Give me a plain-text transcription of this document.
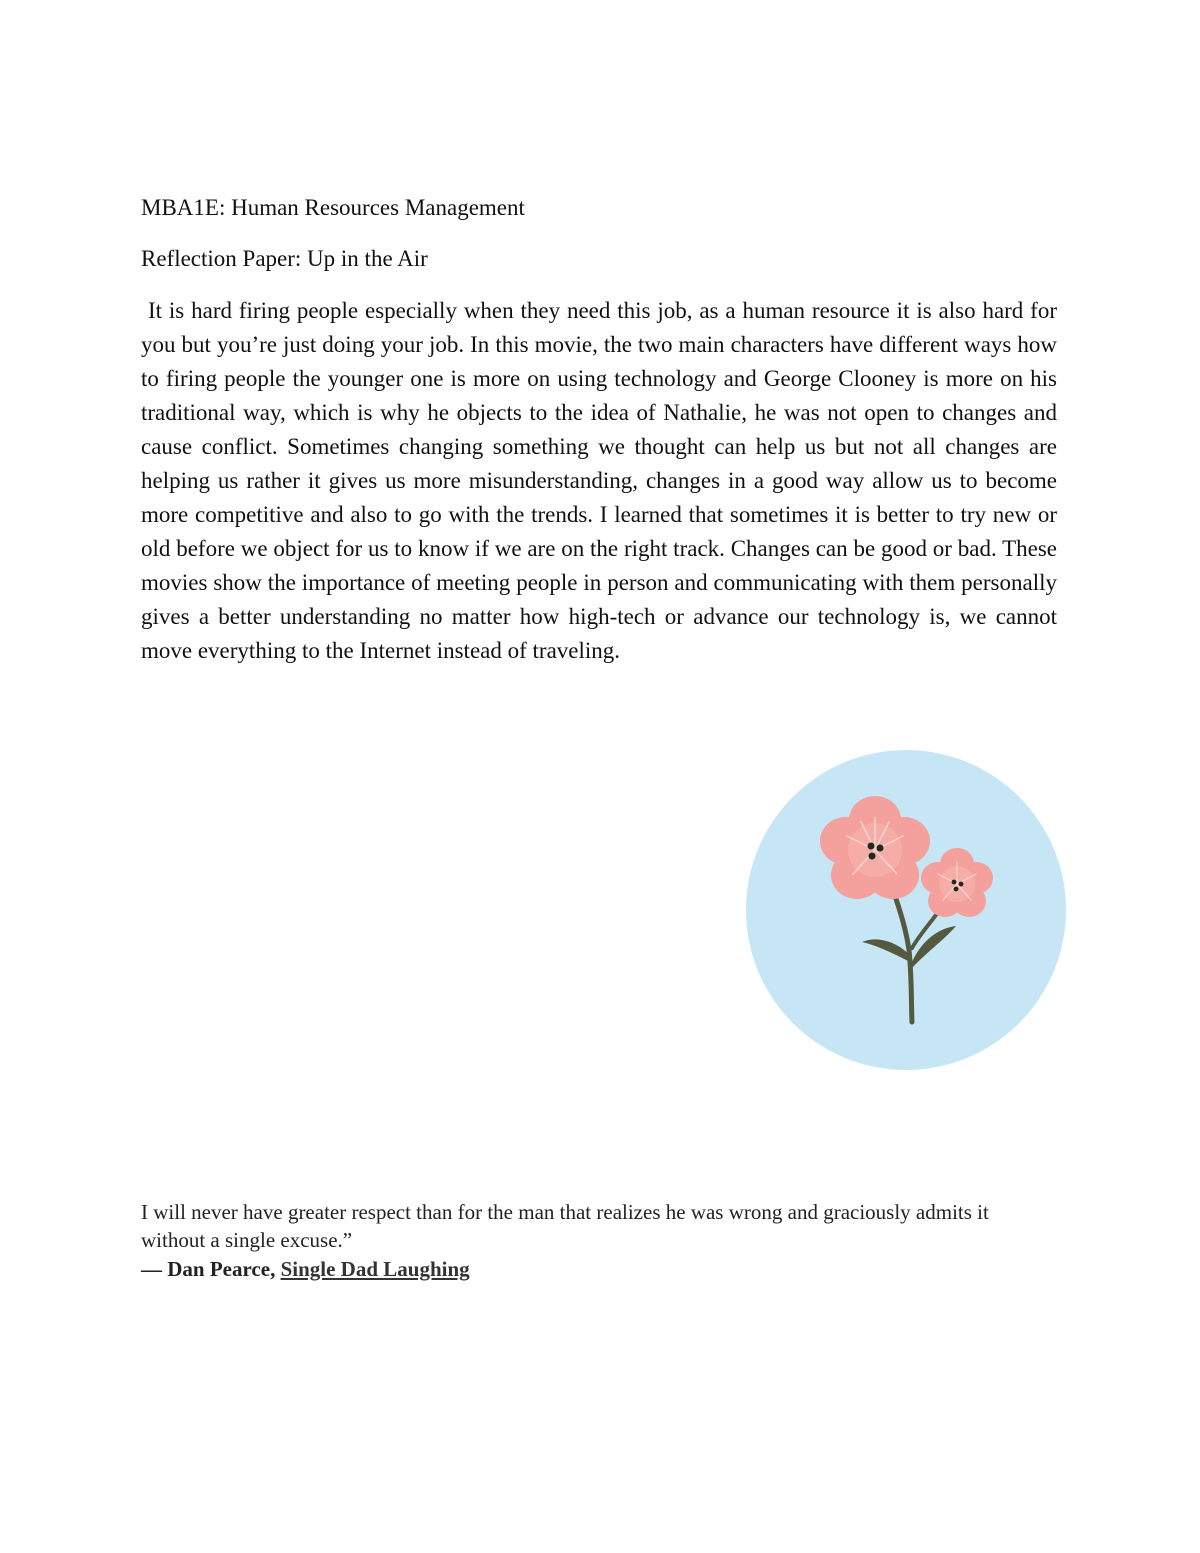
MBA1E: Human Resources Management

Reflection Paper: Up in the Air

It is hard firing people especially when they need this job, as a human resource it is also hard for you but you’re just doing your job. In this movie, the two main characters have different ways how to firing people the younger one is more on using technology and George Clooney is more on his traditional way, which is why he objects to the idea of Nathalie, he was not open to changes and cause conflict. Sometimes changing something we thought can help us but not all changes are helping us rather it gives us more misunderstanding, changes in a good way allow us to become more competitive and also to go with the trends. I learned that sometimes it is better to try new or old before we object for us to know if we are on the right track. Changes can be good or bad. These movies show the importance of meeting people in person and communicating with them personally gives a better understanding no matter how high-tech or advance our technology is, we cannot move everything to the Internet instead of traveling.

I will never have greater respect than for the man that realizes he was wrong and graciously admits it without a single excuse.”

— Dan Pearce, Single Dad Laughing
